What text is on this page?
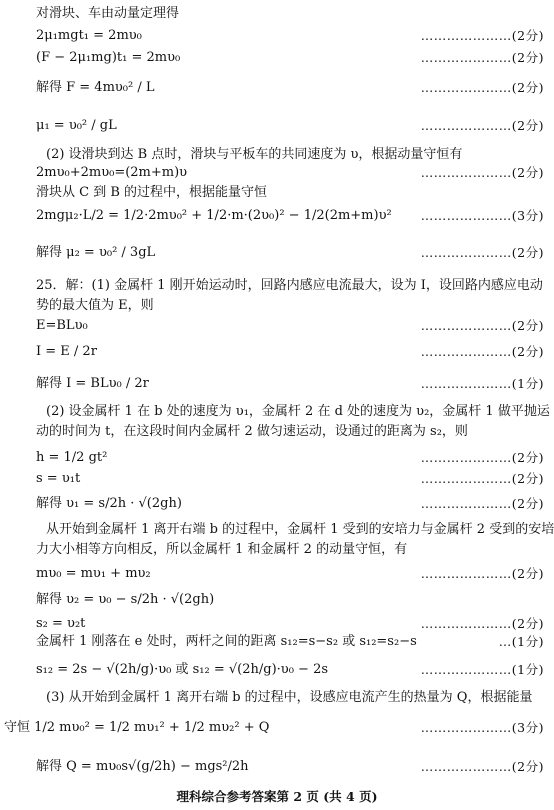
对滑块、车由动量定理得
2μ₁mgt₁ = 2mυ₀	…………………(2分)
(F − 2μ₁mg)t₁ = 2mυ₀	…………………(2分)
解得 F = 4mυ₀² / L	…………………(2分)
μ₁ = υ₀² / gL	…………………(2分)
(2) 设滑块到达 B 点时，滑块与平板车的共同速度为 υ，根据动量守恒有
2mυ₀+2mυ₀=(2m+m)υ	…………………(2分)
滑块从 C 到 B 的过程中，根据能量守恒
2mgμ₂·L/2 = 1/2·2mυ₀² + 1/2·m·(2υ₀)² − 1/2(2m+m)υ² …………………(3分)
解得 μ₂ = υ₀² / 3gL	…………………(2分)
25．解：(1) 金属杆 1 刚开始运动时，回路内感应电流最大，设为 I，设回路内感应电动
势的最大值为 E，则
E=BLυ₀	…………………(2分)
I = E / 2r	…………………(2分)
解得 I = BLυ₀ / 2r	…………………(1分)
(2) 设金属杆 1 在 b 处的速度为 υ₁，金属杆 2 在 d 处的速度为 υ₂，金属杆 1 做平抛运
动的时间为 t，在这段时间内金属杆 2 做匀速运动，设通过的距离为 s₂，则
h = 1/2 gt²	…………………(2分)
s = υ₁t	…………………(2分)
解得 υ₁ = s/2h · √(2gh)	…………………(2分)
从开始到金属杆 1 离开右端 b 的过程中，金属杆 1 受到的安培力与金属杆 2 受到的安培
力大小相等方向相反，所以金属杆 1 和金属杆 2 的动量守恒，有
mυ₀ = mυ₁ + mυ₂	…………………(2分)
解得 υ₂ = υ₀ − s/2h · √(2gh)
s₂ = υ₂t	…………………(2分)
金属杆 1 刚落在 e 处时，两杆之间的距离 s₁₂=s−s₂ 或 s₁₂=s₂−s	…(1分)
s₁₂ = 2s − √(2h/g)·υ₀ 或 s₁₂ = √(2h/g)·υ₀ − 2s	…………………(1分)
(3) 从开始到金属杆 1 离开右端 b 的过程中，设感应电流产生的热量为 Q，根据能量
守恒 1/2 mυ₀² = 1/2 mυ₁² + 1/2 mυ₂² + Q	…………………(3分)
解得 Q = mυ₀s√(g/2h) − mgs²/2h	…………………(2分)
理科综合参考答案第 2 页 (共 4 页)
